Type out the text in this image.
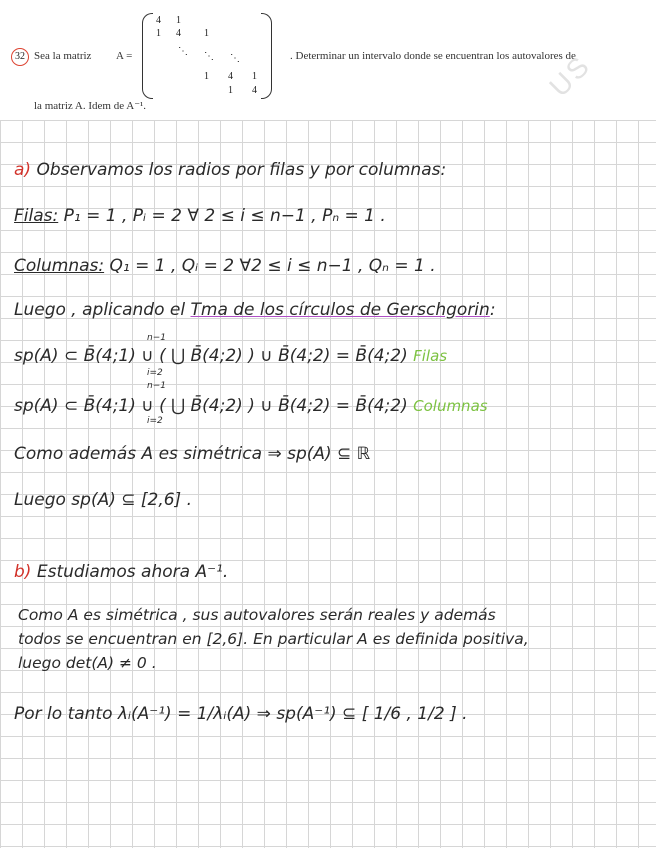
32 Sea la matriz A =
4 1
1 4 1
⋱ ⋱ ⋱
1 4 1
1 4
. Determinar un intervalo donde se encuentran los autovalores de
la matriz A. Idem de A⁻¹.
US
a) Observamos los radios por filas y por columnas:
Filas: P₁ = 1 , Pᵢ = 2 ∀ 2 ≤ i ≤ n−1 , Pₙ = 1 .
Columnas: Q₁ = 1 , Qᵢ = 2 ∀2 ≤ i ≤ n−1 , Qₙ = 1 .
Luego , aplicando el Tma de los círculos de Gerschgorin:
sp(A) ⊂ B̄(4;1) ∪ ( ⋃ B̄(4;2) ) ∪ B̄(4;2) = B̄(4;2) Filas
n−1
i=2
sp(A) ⊂ B̄(4;1) ∪ ( ⋃ B̄(4;2) ) ∪ B̄(4;2) = B̄(4;2) Columnas
n−1
i=2
Como además A es simétrica ⇒ sp(A) ⊆ ℝ
Luego sp(A) ⊆ [2,6] .
b) Estudiamos ahora A⁻¹.
Como A es simétrica , sus autovalores serán reales y además
todos se encuentran en [2,6]. En particular A es definida positiva,
luego det(A) ≠ 0 .
Por lo tanto λᵢ(A⁻¹) = 1/λᵢ(A) ⇒ sp(A⁻¹) ⊆ [ 1/6 , 1/2 ] .
